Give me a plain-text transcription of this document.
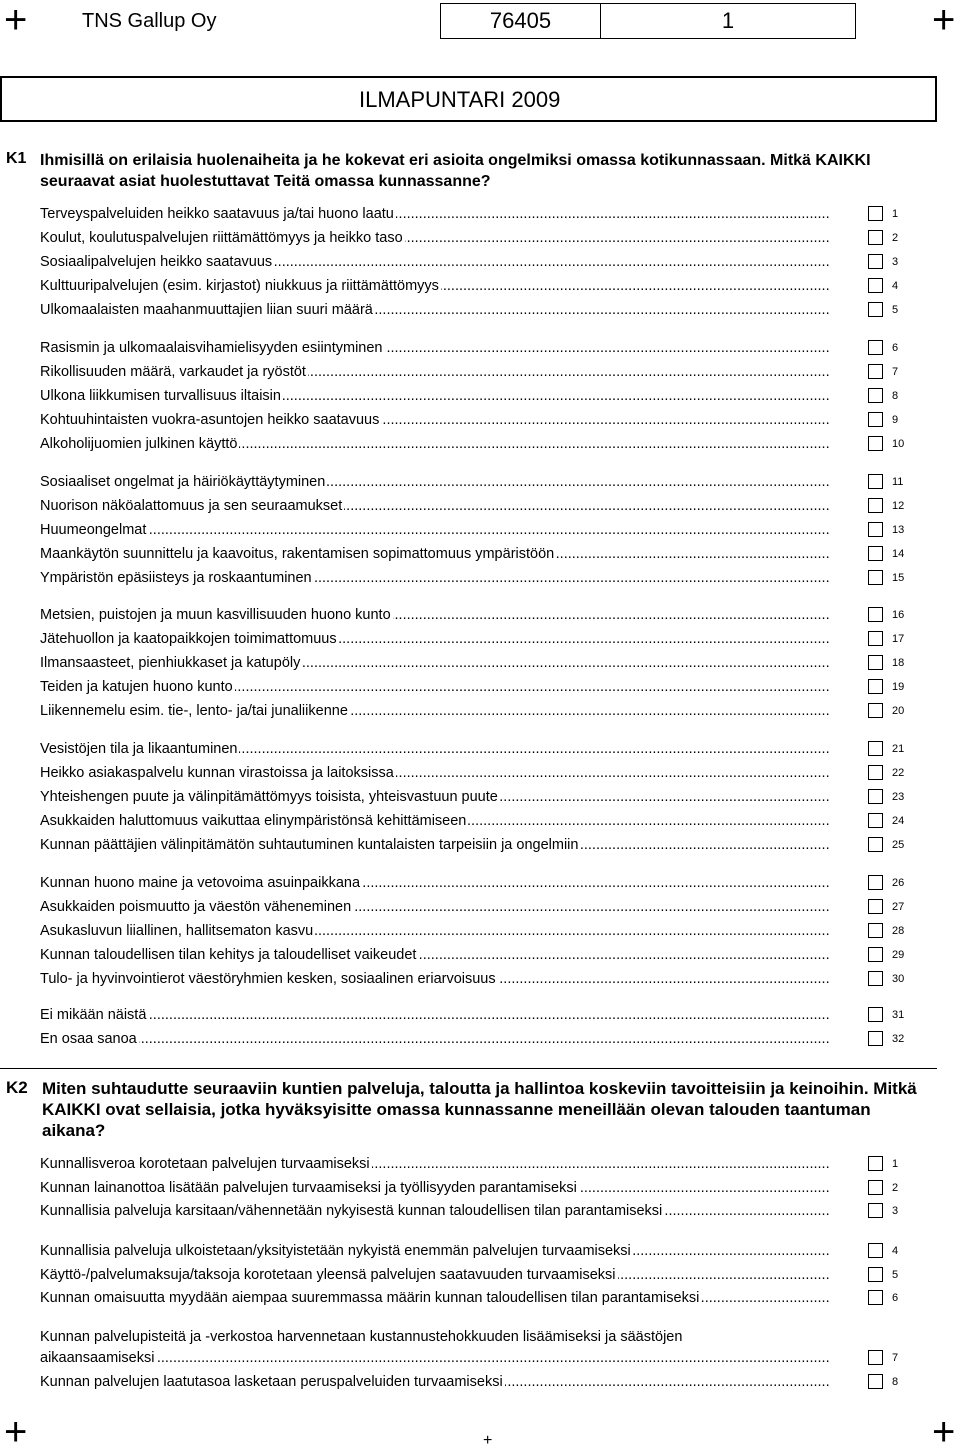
+	+
+	+
TNS Gallup Oy	76405	1
ILMAPUNTARI 2009
K1 Ihmisillä on erilaisia huolenaiheita ja he kokevat eri asioita ongelmiksi omassa kotikunnassaan. Mitkä KAIKKI seuraavat asiat huolestuttavat Teitä omassa kunnassanne?
Terveyspalveluiden heikko saatavuus ja/tai huono laatu .....	1
Koulut, koulutuspalvelujen riittämättömyys ja heikko taso .....	2
Sosiaalipalvelujen heikko saatavuus .....	3
Kulttuuripalvelujen (esim. kirjastot) niukkuus ja riittämättömyys .....	4
Ulkomaalaisten maahanmuuttajien liian suuri määrä .....	5
Rasismin ja ulkomaalaisvihamielisyyden esiintyminen .....	6
Rikollisuuden määrä, varkaudet ja ryöstöt .....	7
Ulkona liikkumisen turvallisuus iltaisin .....	8
Kohtuuhintaisten vuokra-asuntojen heikko saatavuus .....	9
Alkoholijuomien julkinen käyttö .....	10
Sosiaaliset ongelmat ja häiriökäyttäytyminen .....	11
Nuorison näköalattomuus ja sen seuraamukset .....	12
Huumeongelmat .....	13
Maankäytön suunnittelu ja kaavoitus, rakentamisen sopimattomuus ympäristöön .....	14
Ympäristön epäsiisteys ja roskaantuminen .....	15
Metsien, puistojen ja muun kasvillisuuden huono kunto .....	16
Jätehuollon ja kaatopaikkojen toimimattomuus .....	17
Ilmansaasteet, pienhiukkaset ja katupöly .....	18
Teiden ja katujen huono kunto .....	19
Liikennemelu esim. tie-, lento- ja/tai junaliikenne .....	20
Vesistöjen tila ja likaantuminen .....	21
Heikko asiakaspalvelu kunnan virastoissa ja laitoksissa .....	22
Yhteishengen puute ja välinpitämättömyys toisista, yhteisvastuun puute .....	23
Asukkaiden haluttomuus vaikuttaa elinympäristönsä kehittämiseen .....	24
Kunnan päättäjien välinpitämätön suhtautuminen kuntalaisten tarpeisiin ja ongelmiin .....	25
Kunnan huono maine ja vetovoima asuinpaikkana .....	26
Asukkaiden poismuutto ja väestön väheneminen .....	27
Asukasluvun liiallinen, hallitsematon kasvu .....	28
Kunnan taloudellisen tilan kehitys ja taloudelliset vaikeudet .....	29
Tulo- ja hyvinvointierot väestöryhmien kesken, sosiaalinen eriarvoisuus .....	30
Ei mikään näistä .....	31
En osaa sanoa .....	32
K2 Miten suhtaudutte seuraaviin kuntien palveluja, taloutta ja hallintoa koskeviin tavoitteisiin ja keinoihin. Mitkä KAIKKI ovat sellaisia, jotka hyväksyisitte omassa kunnassanne meneillään olevan talouden taantuman aikana?
Kunnallisveroa korotetaan palvelujen turvaamiseksi .....	1
Kunnan lainanottoa lisätään palvelujen turvaamiseksi ja työllisyyden parantamiseksi .....	2
Kunnallisia palveluja karsitaan/vähennetään nykyisestä kunnan taloudellisen tilan parantamiseksi .....	3
Kunnallisia palveluja ulkoistetaan/yksityistetään nykyistä enemmän palvelujen turvaamiseksi .....	4
Käyttö-/palvelumaksuja/taksoja korotetaan yleensä palvelujen saatavuuden turvaamiseksi .....	5
Kunnan omaisuutta myydään aiempaa suuremmassa määrin kunnan taloudellisen tilan parantamiseksi .....	6
Kunnan palvelupisteitä ja -verkostoa harvennetaan kustannustehokkuuden lisäämiseksi ja säästöjen
aikaansaamiseksi .....	7
Kunnan palvelujen laatutasoa lasketaan peruspalveluiden turvaamiseksi .....	8
+
